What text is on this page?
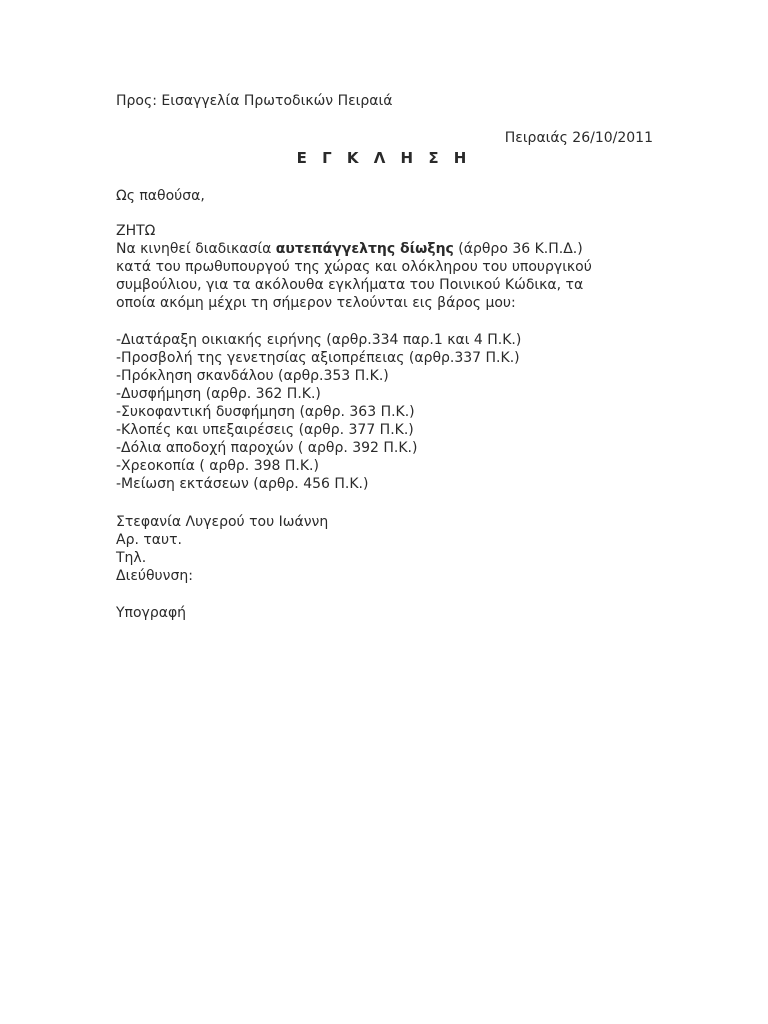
Προς: Εισαγγελία Πρωτοδικών Πειραιά
Πειραιάς 26/10/2011
Ε Γ Κ Λ Η Σ Η
Ως παθούσα,
ΖΗΤΩ
Να κινηθεί διαδικασία αυτεπάγγελτης δίωξης (άρθρο 36 Κ.Π.Δ.)
κατά του πρωθυπουργού της χώρας και ολόκληρου του υπουργικού
συμβούλιου, για τα ακόλουθα εγκλήματα του Ποινικού Κώδικα, τα
οποία ακόμη μέχρι τη σήμερον τελούνται εις βάρος μου:
-Διατάραξη οικιακής ειρήνης (αρθρ.334 παρ.1 και 4 Π.Κ.)
-Προσβολή της γενετησίας αξιοπρέπειας (αρθρ.337 Π.Κ.)
-Πρόκληση σκανδάλου (αρθρ.353 Π.Κ.)
-Δυσφήμηση (αρθρ. 362 Π.Κ.)
-Συκοφαντική δυσφήμηση (αρθρ. 363 Π.Κ.)
-Κλοπές και υπεξαιρέσεις (αρθρ. 377 Π.Κ.)
-Δόλια αποδοχή παροχών ( αρθρ. 392 Π.Κ.)
-Χρεοκοπία ( αρθρ. 398 Π.Κ.)
-Μείωση εκτάσεων (αρθρ. 456 Π.Κ.)
Στεφανία Λυγερού του Ιωάννη
Αρ. ταυτ.
Τηλ.
Διεύθυνση:
Υπογραφή
